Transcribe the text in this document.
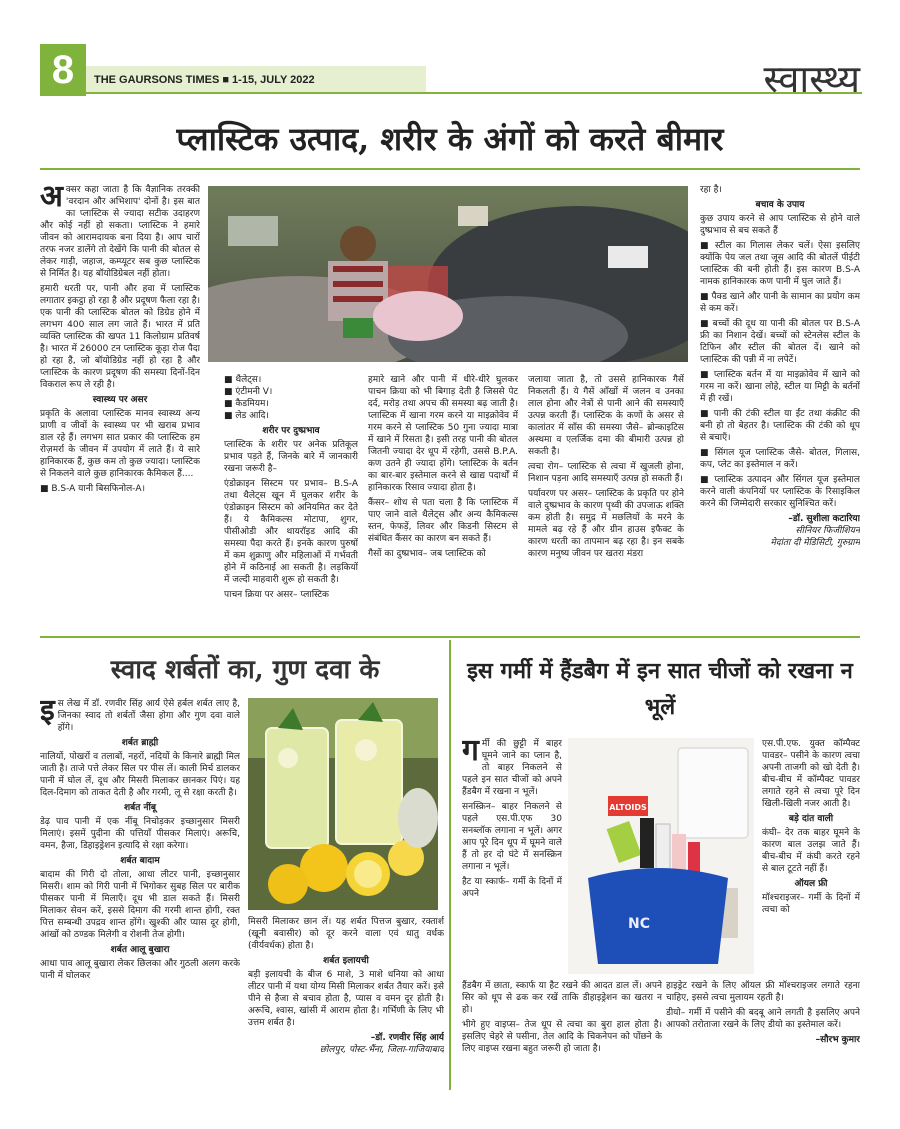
8	THE GAURSONS TIMES ■ 1-15, JULY 2022	स्वास्थ्य
प्लास्टिक उत्पाद, शरीर के अंगों को करते बीमार

अक्सर कहा जाता है कि वैज्ञानिक तरक्की 'वरदान और अभिशाप' दोनों है। इस बात का प्लास्टिक से ज्यादा सटीक उदाहरण और कोई नहीं हो सकता। प्लास्टिक ने हमारे जीवन को आरामदायक बना दिया है। आप चारों तरफ नजर डालेंगे तो देखेंगे कि पानी की बोतल से लेकर गाड़ी, जहाज, कम्प्यूटर सब कुछ प्लास्टिक से निर्मित है। यह बॉयोडिग्रेबल नहीं होता।

हमारी धरती पर, पानी और हवा में प्लास्टिक लगातार इकट्ठा हो रहा है और प्रदूषण फैला रहा है। एक पानी की प्लास्टिक बोतल को डिग्रेड होने में लगभग 400 साल लग जाते हैं। भारत में प्रति व्यक्ति प्लास्टिक की खपत 11 किलोग्राम प्रतिवर्ष है। भारत में 26000 टन प्लास्टिक कूड़ा रोज पैदा हो रहा है, जो बॉयोडिग्रेड नहीं हो रहा है और प्लास्टिक के कारण प्रदूषण की समस्या दिनों-दिन विकराल रूप ले रही है।

स्वास्थ्य पर असर

प्रकृति के अलावा प्लास्टिक मानव स्वास्थ्य अन्य प्राणी व जीवों के स्वास्थ्य पर भी खराब प्रभाव डाल रहे हैं। लगभग सात प्रकार की प्लास्टिक हम रोज़मर्रा के जीवन में उपयोग में लाते हैं। ये सारे हानिकारक हैं, कुछ कम तो कुछ ज्यादा। प्लास्टिक से निकलने वाले कुछ हानिकारक कैमिकल हैं....

■ B.S-A यानी बिसफिनोल-A।

■ थैलेट्स।
■ एंटीमनी V।
■ कैडमियम।
■ लेड आदि।

शरीर पर दुष्प्रभाव

प्लास्टिक के शरीर पर अनेक प्रतिकूल प्रभाव पड़ते हैं, जिनके बारे में जानकारी रखना जरूरी है–

एंडोक्राइन सिस्टम पर प्रभाव– B.S-A तथा थैलेट्स खून में घुलकर शरीर के एंडोक्राइन सिस्टम को अनियमित कर देते हैं। ये कैमिकल्स मोटापा, शुगर, पीसीओडी और थायरॉइड आदि की समस्या पैदा करते हैं। इनके कारण पुरुषों में कम शुक्राणु और महिलाओं में गर्भवती होने में कठिनाई आ सकती है। लड़कियों में जल्दी माहवारी शुरू हो सकती है।

पाचन क्रिया पर असर– प्लास्टिक

हमारे खाने और पानी में धीरे-धीरे घुलकर पाचन क्रिया को भी बिगाड़ देती है जिससे पेट दर्द, मरोड़ तथा अपच की समस्या बढ़ जाती है। प्लास्टिक में खाना गरम करने या माइक्रोवेव में गरम करने से प्लास्टिक 50 गुना ज्यादा मात्रा में खाने में रिसता है। इसी तरह पानी की बोतल जितनी ज्यादा देर धूप में रहेगी, उससे B.P.A. कण उतने ही ज्यादा होंगे। प्लास्टिक के बर्तन का बार-बार इस्तेमाल करने से खाद्य पदार्थों में हानिकारक रिसाव ज्यादा होता है।

कैंसर– शोध से पता चला है कि प्लास्टिक में पाए जाने वाले थैलेट्स और अन्य कैमिकल्स स्तन, फेफड़ें, लिवर और किडनी सिस्टम से संबंधित कैंसर का कारण बन सकते हैं।

गैसों का दुष्प्रभाव– जब प्लास्टिक को

जलाया जाता है, तो उससे हानिकारक गैसें निकलती हैं। ये गैसें आँखों में जलन व उनका लाल होना और नेत्रों से पानी आने की समस्याएँ उत्पन्न करती हैं। प्लास्टिक के कणों के असर से कालांतर में साँस की समस्या जैसे– ब्रोन्काइटिस अस्थमा व एलर्जिक दमा की बीमारी उत्पन्न हो सकती है।

त्वचा रोग– प्लास्टिक से त्वचा में खुजली होना, निशान पड़ना आदि समस्याएँ उत्पन्न हो सकती हैं।

पर्यावरण पर असर– प्लास्टिक के प्रकृति पर होने वाले दुष्प्रभाव के कारण पृथ्वी की उपजाऊ शक्ति कम होती है। समुद्र में मछलियों के मरने के मामले बढ़ रहे हैं और ग्रीन हाउस इफैक्ट के कारण धरती का तापमान बढ़ रहा है। इन सबके कारण मनुष्य जीवन पर खतरा मंडरा

रहा है।

बचाव के उपाय

कुछ उपाय करने से आप प्लास्टिक से होने वाले दुष्प्रभाव से बच सकते हैं

■ स्टील का गिलास लेकर चलें। ऐसा इसलिए क्योंकि पेय जल तथा जूस आदि की बोतलें पीईटी प्लास्टिक की बनी होती हैं। इस कारण B.S-A नामक हानिकारक कण पानी में घुल जाते हैं।

■ पैक्ड खाने और पानी के सामान का प्रयोग कम से कम करें।

■ बच्चों की दूध या पानी की बोतल पर B.S-A फ्री का निशान देखें। बच्चों को स्टेनलेस स्टील के टिफिन और स्टील की बोतल दें। खाने को प्लास्टिक की पन्नी में ना लपेटें।

■ प्लास्टिक बर्तन में या माइक्रोवेव में खाने को गरम ना करें। खाना लोहे, स्टील या मिट्टी के बर्तनों में ही रखें।

■ पानी की टंकी स्टील या ईंट तथा कंक्रीट की बनी हो तो बेहतर है। प्लास्टिक की टंकी को धूप से बचाएँ।

■ सिंगल यूज प्लास्टिक जैसे- बोतल, गिलास, कप, प्लेट का इस्तेमाल न करें।

■ प्लास्टिक उत्पादन और सिंगल यूज इस्तेमाल करने वाली कंपनियों पर प्लास्टिक के रिसाइकिल करने की जिम्मेदारी सरकार सुनिश्चित करें।

–डॉ. सुशीला कटारिया
सीनियर फिजीशियन
मेदांता दी मेडिसिटी, गुरुग्राम
स्वाद शर्बतों का, गुण दवा के

इस लेख में डॉ. रणवीर सिंह आर्य ऐसे हर्बल शर्बत लाए है, जिनका स्वाद तो शर्बतों जैसा होगा और गुण दवा वाले होंगे।

शर्बत ब्राह्मी

नालियों, पोखरों व तलाबों, नहरों, नदियों के किनारे ब्राह्मी मिल जाती है। ताजे पत्ते लेकर सिल पर पीस लें। काली मिर्च डालकर पानी में घोल लें, दूध और मिसरी मिलाकर छानकर पिएं। यह दिल-दिमाग को ताकत देती है और गरमी, लू से रक्षा करती है।

शर्बत नींबू

डेढ़ पाव पानी में एक नींबू निचोड़कर इच्छानुसार मिसरी मिलाएं। इसमें पुदीना की पत्तियाँ पीसकर मिलाएं। अरूचि, वमन, हैजा, डिहाइड्रेशन इत्यादि से रक्षा करेगा।

शर्बत बादाम

बादाम की गिरी दो तोला, आधा लीटर पानी, इच्छानुसार मिसरी। शाम को गिरी पानी में भिगोकर सुबह सिल पर बारीक पीसकर पानी में मिलाएँ। दूध भी डाल सकते हैं। मिसरी मिलाकर सेवन करें, इससे दिमाग की गरमी शान्त होगी, रक्त पित्त सम्बन्धी उपद्रव शान्त होंगे। खुश्की और प्यास दूर होगी, आंखों को ठण्डक मिलेगी व रोशनी तेज होगी।

शर्बत आलू बुखारा

आधा पाव आलू बुखारा लेकर छिलका और गुठली अलग करके पानी में घोलकर

मिसरी मिलाकर छान लें। यह शर्बत पित्तज बुखार, रक्तार्श (खूनी बवासीर) को दूर करने वाला एवं धातु वर्धक (वीर्यवर्धक) होता है।

शर्बत इलायची

बड़ी इलायची के बीज 6 माशे, 3 माशे धनिया को आधा लीटर पानी में यथा योग्य मिसी मिलाकर शर्बत तैयार करें। इसे पीने से हैजा से बचाव होता है, प्यास व वमन दूर होती है। अरूचि, श्वास, खांसी में आराम होता है। गर्भिणी के लिए भी उत्तम शर्बत है।

–डॉ. रणवीर सिंह आर्य
छोलपुर, पोस्ट-भैंना, जिला-गाजियाबाद
इस गर्मी में हैंडबैग में इन सात चीजों को रखना न भूलें

गर्मी की छुट्टी में बाहर घूमने जाने का प्लान है, तो बाहर निकलने से पहले इन सात चीजों को अपने हैंडबैग में रखना न भूलें।

सनस्क्रिन– बाहर निकलने से पहले एस.पी.एफ 30 सनब्लॉक लगाना न भूलें। अगर आप पूरे दिन धूप में घूमने वाले हैं तो हर दो घंटे में सनस्क्रिन लगाना न भूलें।

हैट या स्कार्फ– गर्मी के दिनों में अपने

ALTOIDS
NC

एस.पी.एफ. युक्त कॉम्पैक्ट पावडर– पसीने के कारण त्वचा अपनी ताजगी को खो देती है। बीच-बीच में कॉम्पैक्ट पावडर लगाते रहने से त्वचा पूरे दिन खिली-खिली नजर आती है।

बड़े दांत वाली

कंघी– देर तक बाहर घूमने के कारण बाल उलझ जाते हैं। बीच-बीच में कंघी करते रहने से बाल टूटते नहीं हैं।

ऑयल फ्री

मॉश्चराइजर– गर्मी के दिनों में त्वचा को

हैंडबैग में छाता, स्कार्फ या हैट रखने की आदत डाल लें। अपने सिर को धूप से ढक कर रखें ताकि डीहाइड्रेशन का खतरा न हो।

भीगे हुए वाइप्स– तेज धूप से त्वचा का बुरा हाल होता है। इसलिए चेहरे से पसीना, तेल आदि के चिकनेपन को पोंछने के लिए वाइप्स रखना बहुत जरूरी हो जाता है।

हाइड्रेट रखने के लिए ऑयल फ्री मॉश्चराइजर लगाते रहना चाहिए, इससे त्वचा मुलायम रहती है।

डीयो– गर्मी में पसीने की बदबू आने लगती है इसलिए अपने आपको तरोताजा रखने के लिए डीयो का इस्तेमाल करें।

–सौरभ कुमार
